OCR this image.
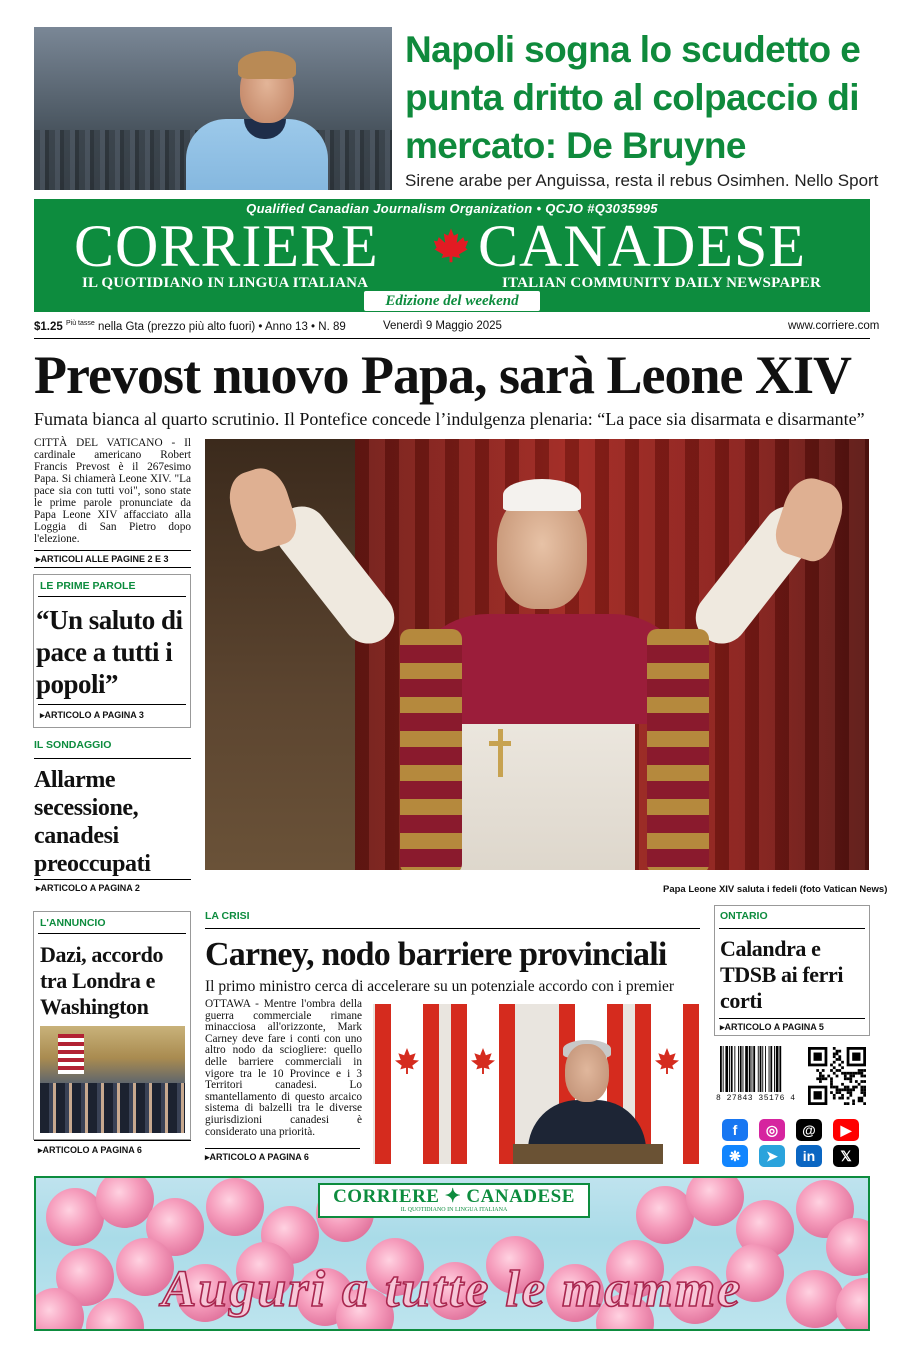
Napoli sogna lo scudetto e punta dritto al colpaccio di mercato: De Bruyne
Sirene arabe per Anguissa, resta il rebus Osimhen. Nello Sport
Qualified Canadian Journalism Organization • QCJO #Q3035995
CORRIERE CANADESE
IL QUOTIDIANO IN LINGUA ITALIANA	ITALIAN COMMUNITY DAILY NEWSPAPER
Edizione del weekend
$1.25 $^{Più tasse}$ nella Gta (prezzo più alto fuori) • Anno 13 • N. 89	Venerdì 9 Maggio 2025	www.corriere.com
Prevost nuovo Papa, sarà Leone XIV
Fumata bianca al quarto scrutinio. Il Pontefice concede l’indulgenza plenaria: “La pace sia disarmata e disarmante”
CITTÀ DEL VATICANO - Il cardinale americano Robert Francis Prevost è il 267esimo Papa. Si chiamerà Leone XIV. "La pace sia con tutti voi", sono state le prime parole pronunciate da Papa Leone XIV affacciato alla Loggia di San Pietro dopo l'elezione.
▸ ARTICOLI ALLE PAGINE 2 E 3
LE PRIME PAROLE
“Un saluto di pace a tutti i popoli”
▸ ARTICOLO A PAGINA 3
IL SONDAGGIO
Allarme secessione, canadesi preoccupati
▸ ARTICOLO A PAGINA 2	Papa Leone XIV saluta i fedeli (foto Vatican News)
L'ANNUNCIO
Dazi, accordo tra Londra e Washington
▸ ARTICOLO A PAGINA 6
LA CRISI
Carney, nodo barriere provinciali
Il primo ministro cerca di accelerare su un potenziale accordo con i premier
OTTAWA - Mentre l'ombra della guerra commerciale rimane minacciosa all'orizzonte, Mark Carney deve fare i conti con uno altro nodo da sciogliere: quello delle barriere commerciali in vigore tra le 10 Province e i 3 Territori canadesi. Lo smantellamento di questo arcaico sistema di balzelli tra le diverse giurisdizioni canadesi è considerato una priorità.
▸ ARTICOLO A PAGINA 6
ONTARIO
Calandra e TDSB ai ferri corti
▸ ARTICOLO A PAGINA 5
8 27843 35176 4
f	◎	@	▶
❋	➤	in	𝕏
CORRIERE ✦ CANADESE
IL QUOTIDIANO IN LINGUA ITALIANA
Auguri a tutte le mamme
